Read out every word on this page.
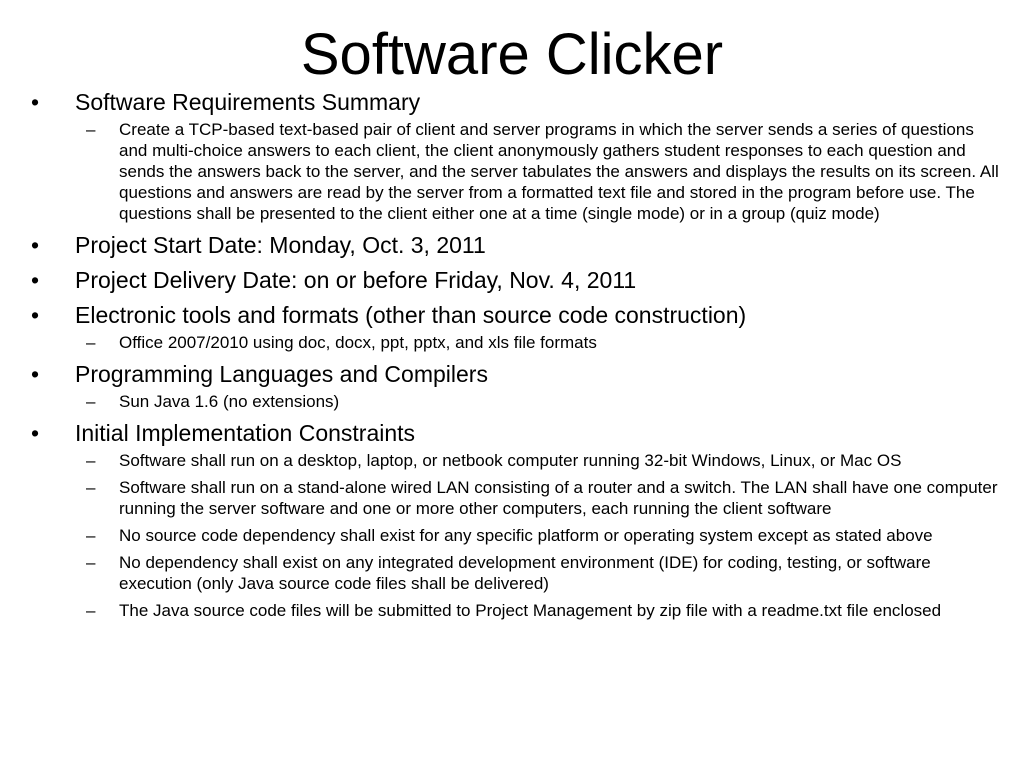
Software Clicker
• Software Requirements Summary
– Create a TCP-based text-based pair of client and server programs in which the server sends a series of questions and multi-choice answers to each client, the client anonymously gathers student responses to each question and sends the answers back to the server, and the server tabulates the answers and displays the results on its screen. All questions and answers are read by the server from a formatted text file and stored in the program before use. The questions shall be presented to the client either one at a time (single mode) or in a group (quiz mode)
• Project Start Date: Monday, Oct. 3, 2011
• Project Delivery Date: on or before Friday, Nov. 4, 2011
• Electronic tools and formats (other than source code construction)
– Office 2007/2010 using doc, docx, ppt, pptx, and xls file formats
• Programming Languages and Compilers
– Sun Java 1.6 (no extensions)
• Initial Implementation Constraints
– Software shall run on a desktop, laptop, or netbook computer running 32-bit Windows, Linux, or Mac OS
– Software shall run on a stand-alone wired LAN consisting of a router and a switch. The LAN shall have one computer running the server software and one or more other computers, each running the client software
– No source code dependency shall exist for any specific platform or operating system except as stated above
– No dependency shall exist on any integrated development environment (IDE) for coding, testing, or software execution (only Java source code files shall be delivered)
– The Java source code files will be submitted to Project Management by zip file with a readme.txt file enclosed
